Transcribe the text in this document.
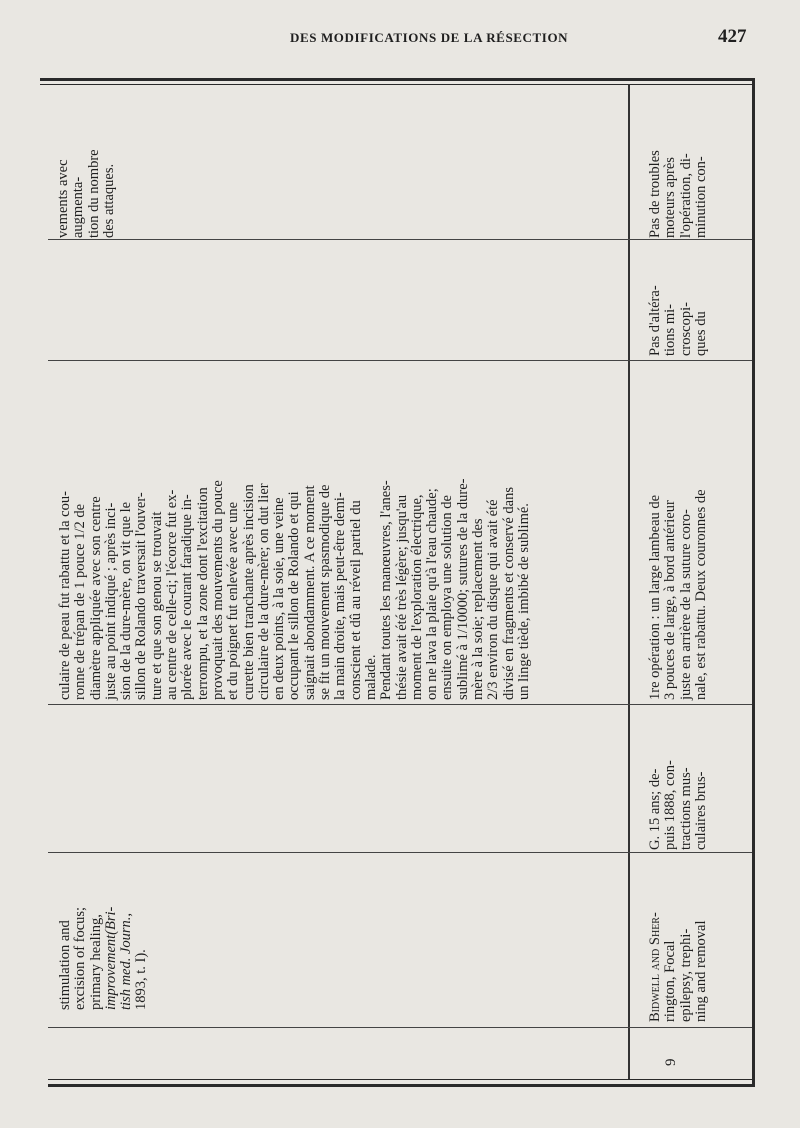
DES MODIFICATIONS DE LA RÉSECTION	427
vements avec augmenta- tion du nombre des attaques.
culaire de peau fut rabattu et la cou- ronne de trépan de 1 pouce 1/2 de diamètre appliquée avec son centre juste au point indiqué ; après inci- sion de la dure-mère, on vit que le sillon de Rolando traversait l'ouver- ture et que son genou se trouvait au centre de celle-ci; l'écorce fut ex- plorée avec le courant faradique in- terrompu, et la zone dont l'excitation provoquait des mouvements du pouce et du poignet fut enlevée avec une curette bien tranchante après incision circulaire de la dure-mère; on dut lier en deux points, à la soie, une veine occupant le sillon de Rolando et qui saignait abondamment. A ce moment se fit un mouvement spasmodique de la main droite, mais peut-être demi- conscient et dû au réveil partiel du malade. Pendant toutes les manœuvres, l'anes- thésie avait été très légère; jusqu'au moment de l'exploration électrique, on ne lava la plaie qu'à l'eau chaude; ensuite on employa une solution de sublimé à 1/10000; sutures de la dure- mère à la soie; replacement des 2/3 environ du disque qui avait été divisé en fragments et conservé dans un linge tiède, imbibé de sublimé.
stimulation and excision of focus; primary healing, improvement(Bri- tish med. Journ., 1893, t. I).
Pas de troubles moteurs après l'opération, di- minution con-
Pas d'altéra- tions mi- croscopi- ques du
1re opération : un large lambeau de 3 pouces de large, à bord antérieur juste en arrière de la suture coro- nale, est rabattu. Deux couronnes de
G. 15 ans; de- puis 1888, con- tractions mus- culaires brus-
Bidwell and Sher- rington, Focal epilepsy, trephi- ning and removal
9
